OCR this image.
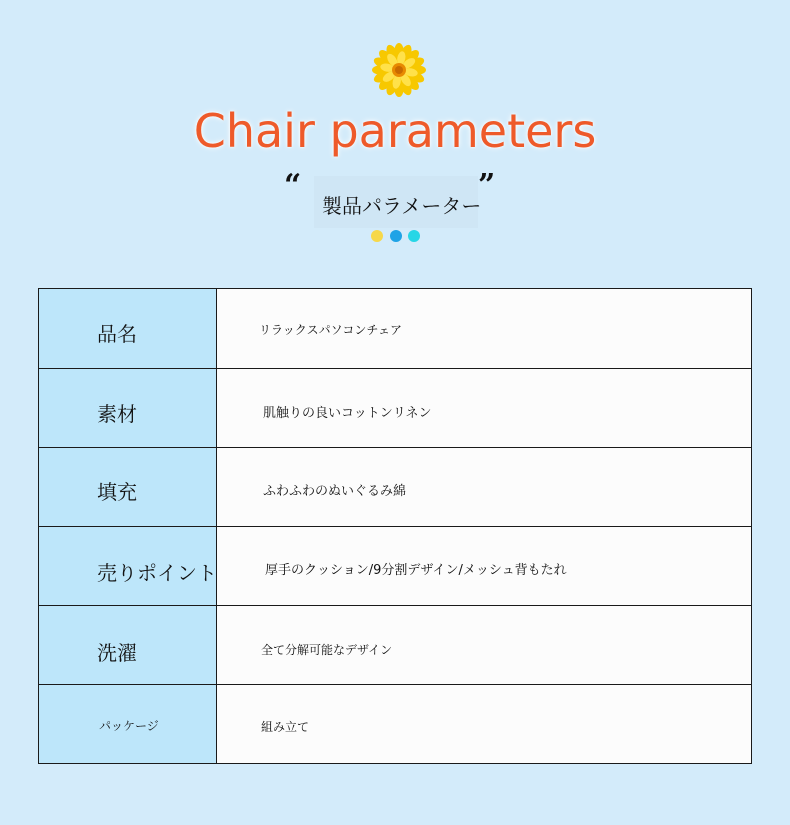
Chair parameters
“
製品パラメーター
”
品名	リラックスパソコンチェア

素材	肌触りの良いコットンリネン

填充	ふわふわのぬいぐるみ綿

売りポイント	厚手のクッション/9分割デザイン/メッシュ背もたれ

洗濯	全て分解可能なデザイン

パッケージ	組み立て
